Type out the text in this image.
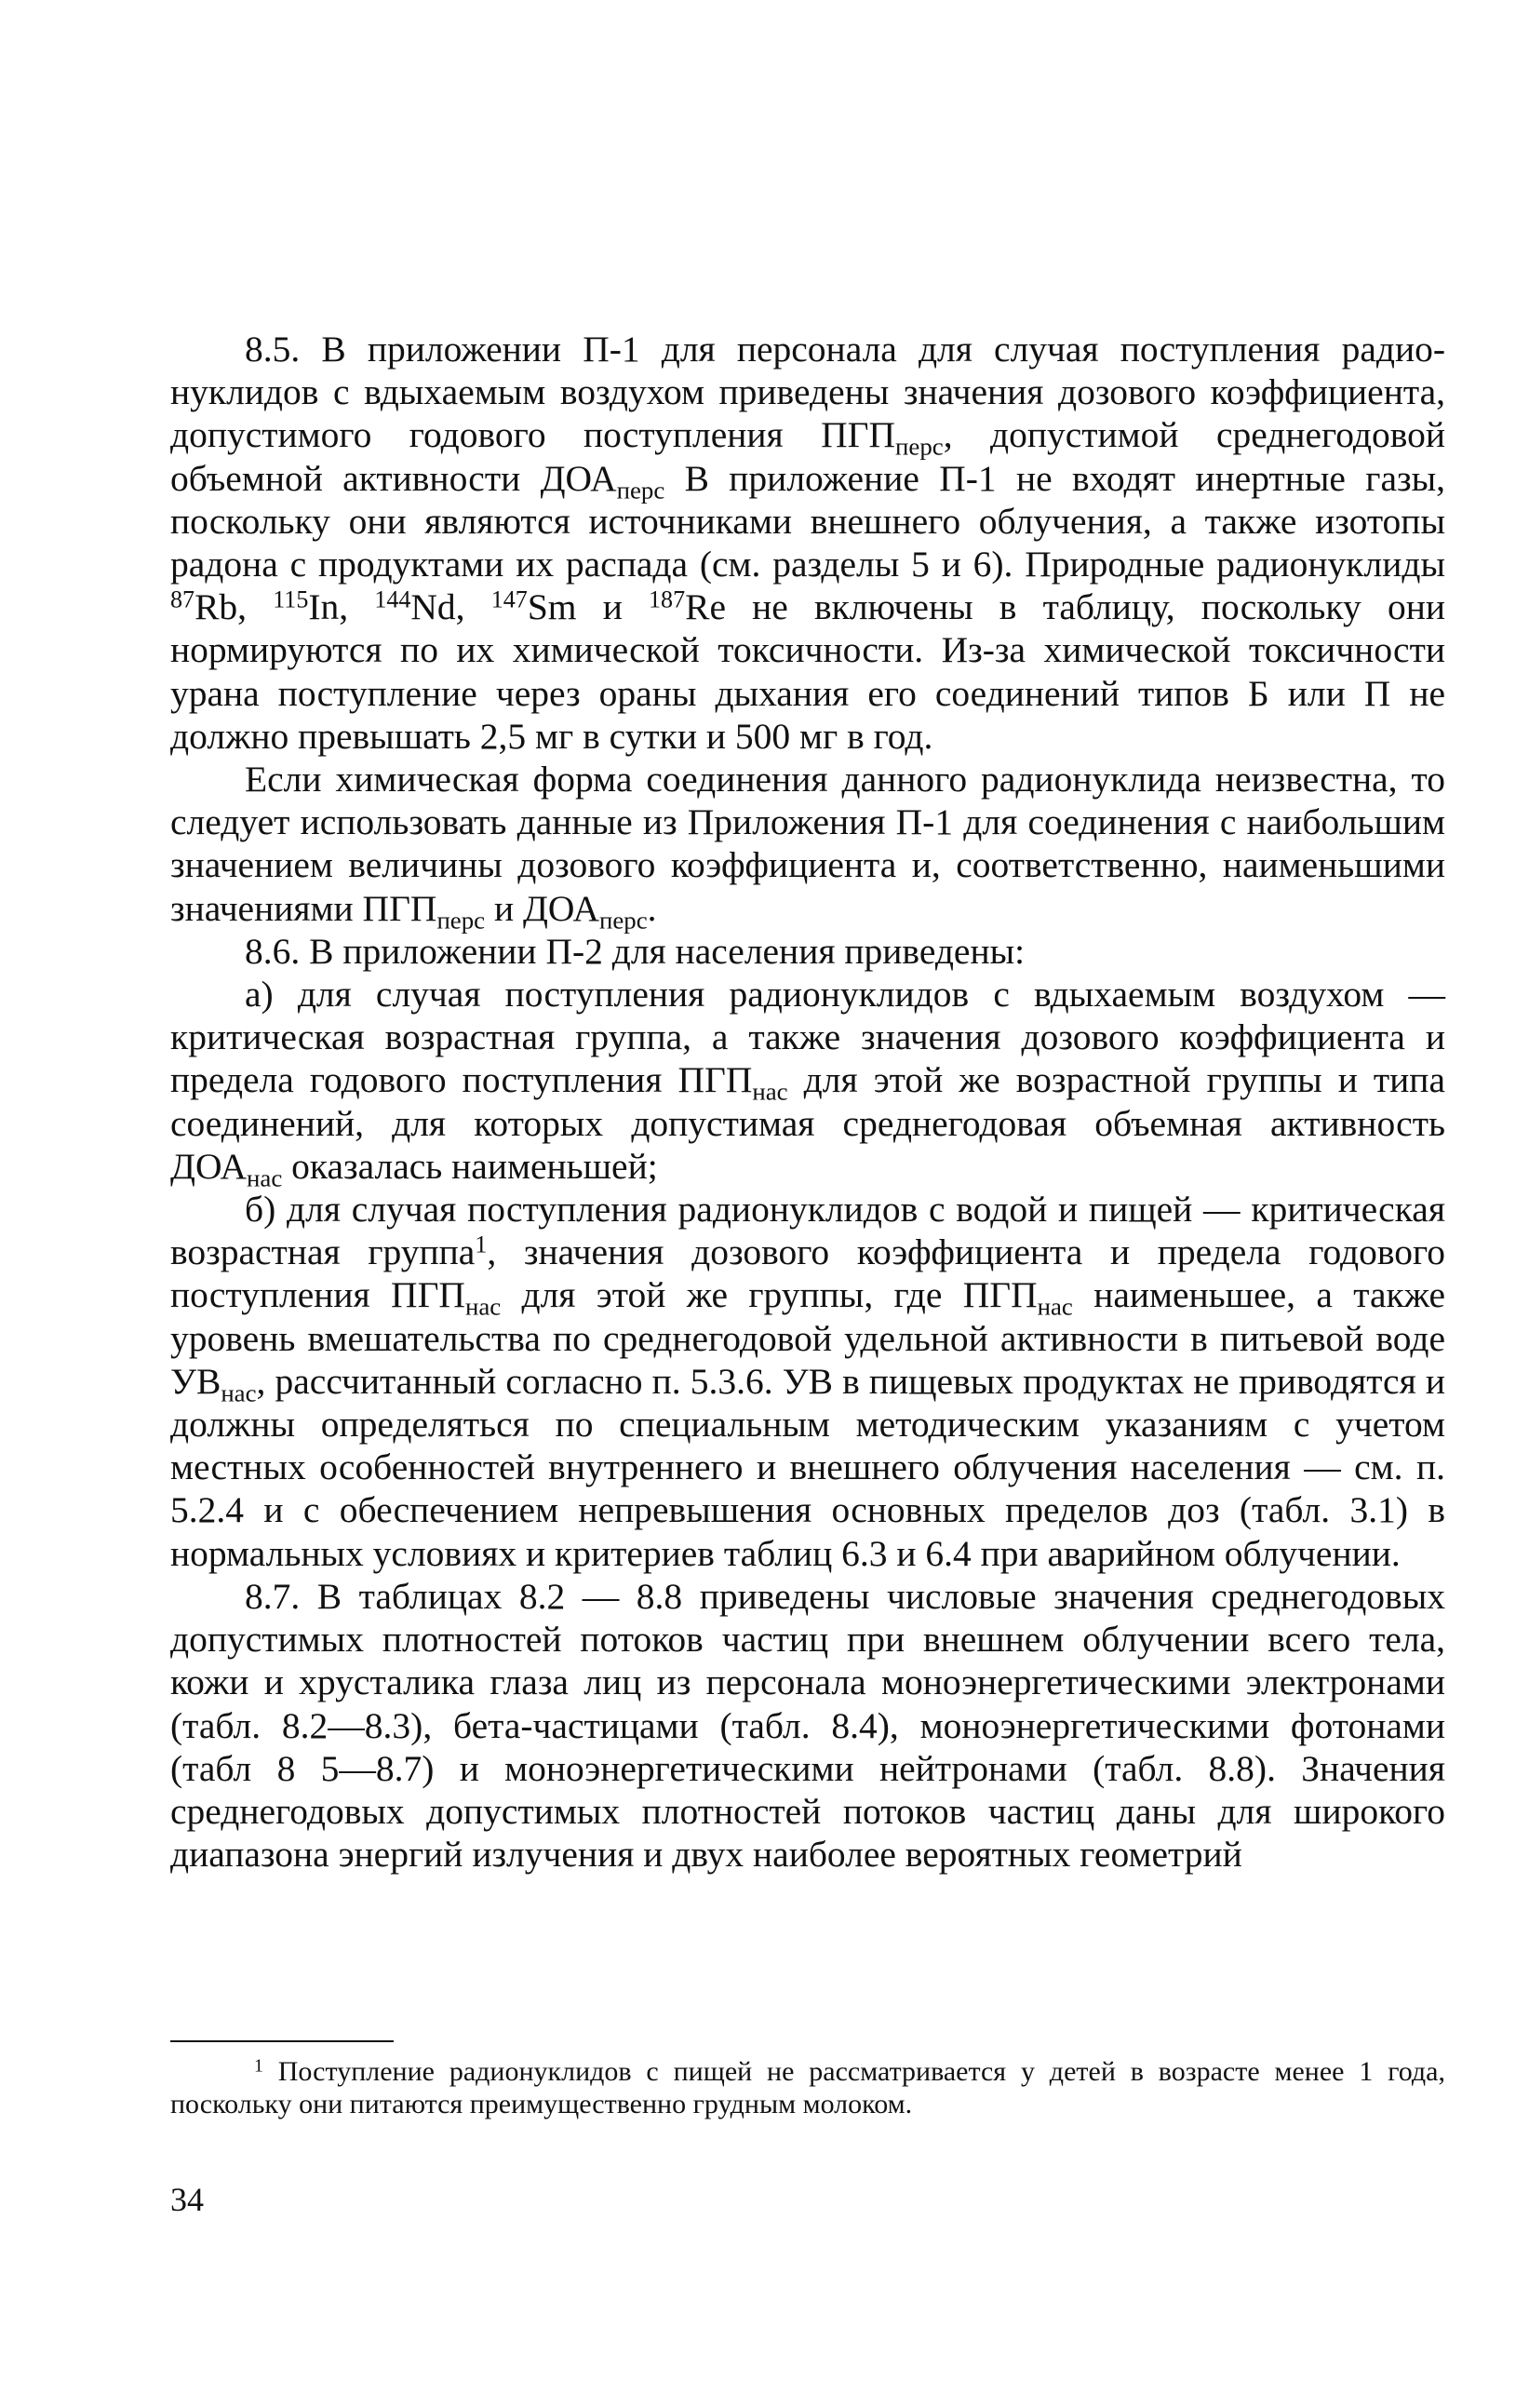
8.5. В приложении П-1 для персонала для случая поступления радионуклидов с вдыхаемым воздухом приведены значения дозового коэффициента, допустимого годового поступления $ПГП_{перс}$, допустимой среднегодовой объемной активности $ДОА_{перс}$ В приложение П-1 не входят инертные газы, поскольку они являются источниками внешнего облучения, а также изотопы радона с продуктами их распада (см. разделы 5 и 6). Природные радионуклиды $^{87}$Rb, $^{115}$In, $^{144}$Nd, $^{147}$Sm и $^{187}$Re не включены в таблицу, поскольку они нормируются по их химической токсичности. Из-за химической токсичности урана поступление через ораны дыхания его соединений типов Б или П не должно превышать 2,5 мг в сутки и 500 мг в год.

Если химическая форма соединения данного радионуклида неизвестна, то следует использовать данные из Приложения П-1 для соединения с наибольшим значением величины дозового коэффициента и, соответственно, наименьшими значениями $ПГП_{перс}$ и $ДОА_{перс}$.

8.6. В приложении П-2 для населения приведены:

а) для случая поступления радионуклидов с вдыхаемым воздухом — критическая возрастная группа, а также значения дозового коэффициента и предела годового поступления $ПГП_{нас}$ для этой же возрастной группы и типа соединений, для которых допустимая среднегодовая объемная активность $ДОА_{нас}$ оказалась наименьшей;

б) для случая поступления радионуклидов с водой и пищей — критическая возрастная группа$^1$, значения дозового коэффициента и предела годового поступления $ПГП_{нас}$ для этой же группы, где $ПГП_{нас}$ наименьшее, а также уровень вмешательства по среднегодовой удельной активности в питьевой воде $УВ_{нас}$, рассчитанный согласно п. 5.3.6. УВ в пищевых продуктах не приводятся и должны определяться по специальным методическим указаниям с учетом местных особенностей внутреннего и внешнего облучения населения — см. п. 5.2.4 и с обеспечением непревышения основных пределов доз (табл. 3.1) в нормальных условиях и критериев таблиц 6.3 и 6.4 при аварийном облучении.

8.7. В таблицах 8.2 — 8.8 приведены числовые значения среднегодовых допустимых плотностей потоков частиц при внешнем облучении всего тела, кожи и хрусталика глаза лиц из персонала моноэнергетическими электронами (табл. 8.2—8.3), бета-частицами (табл. 8.4), моноэнергетическими фотонами (табл 8 5—8.7) и моноэнергетическими нейтронами (табл. 8.8). Значения среднегодовых допустимых плотностей потоков частиц даны для широкого диапазона энергий излучения и двух наиболее вероятных геометрий

$^1$ Поступление радионуклидов с пищей не рассматривается у детей в возрасте менее 1 года, поскольку они питаются преимущественно грудным молоком.
34
